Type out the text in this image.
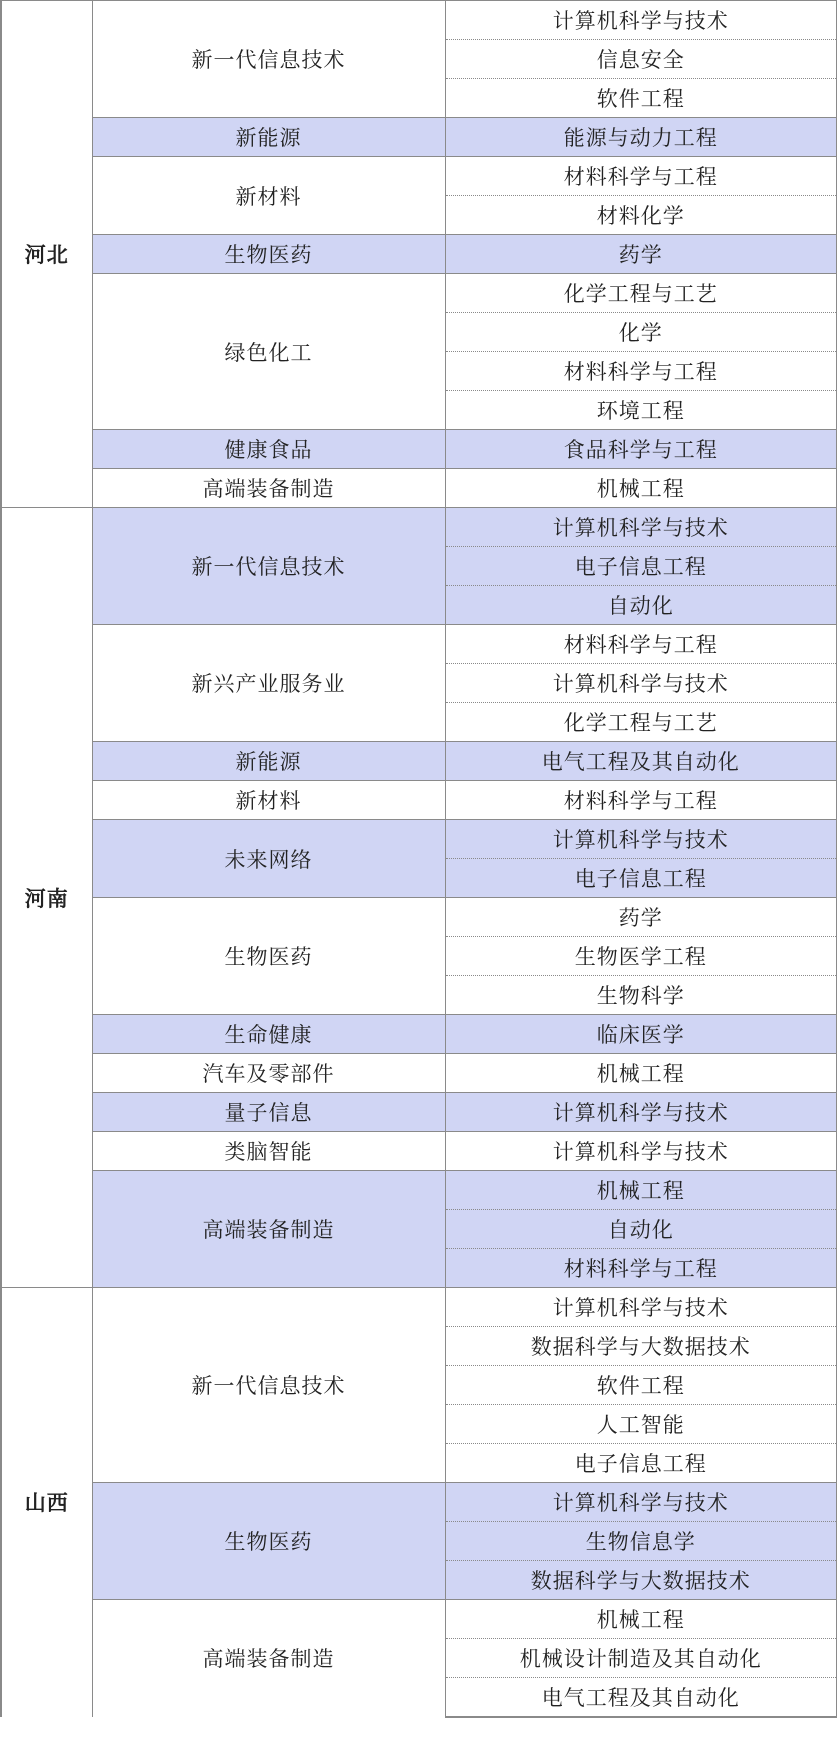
河北	新一代信息技术	计算机科学与技术
		信息安全
		软件工程
	新能源	能源与动力工程
	新材料	材料科学与工程
		材料化学
	生物医药	药学
	绿色化工	化学工程与工艺
		化学
		材料科学与工程
		环境工程
	健康食品	食品科学与工程
	高端装备制造	机械工程
河南	新一代信息技术	计算机科学与技术
		电子信息工程
		自动化
	新兴产业服务业	材料科学与工程
		计算机科学与技术
		化学工程与工艺
	新能源	电气工程及其自动化
	新材料	材料科学与工程
	未来网络	计算机科学与技术
		电子信息工程
	生物医药	药学
		生物医学工程
		生物科学
	生命健康	临床医学
	汽车及零部件	机械工程
	量子信息	计算机科学与技术
	类脑智能	计算机科学与技术
	高端装备制造	机械工程
		自动化
		材料科学与工程
山西	新一代信息技术	计算机科学与技术
		数据科学与大数据技术
		软件工程
		人工智能
		电子信息工程
	生物医药	计算机科学与技术
		生物信息学
		数据科学与大数据技术
	高端装备制造	机械工程
		机械设计制造及其自动化
		电气工程及其自动化
